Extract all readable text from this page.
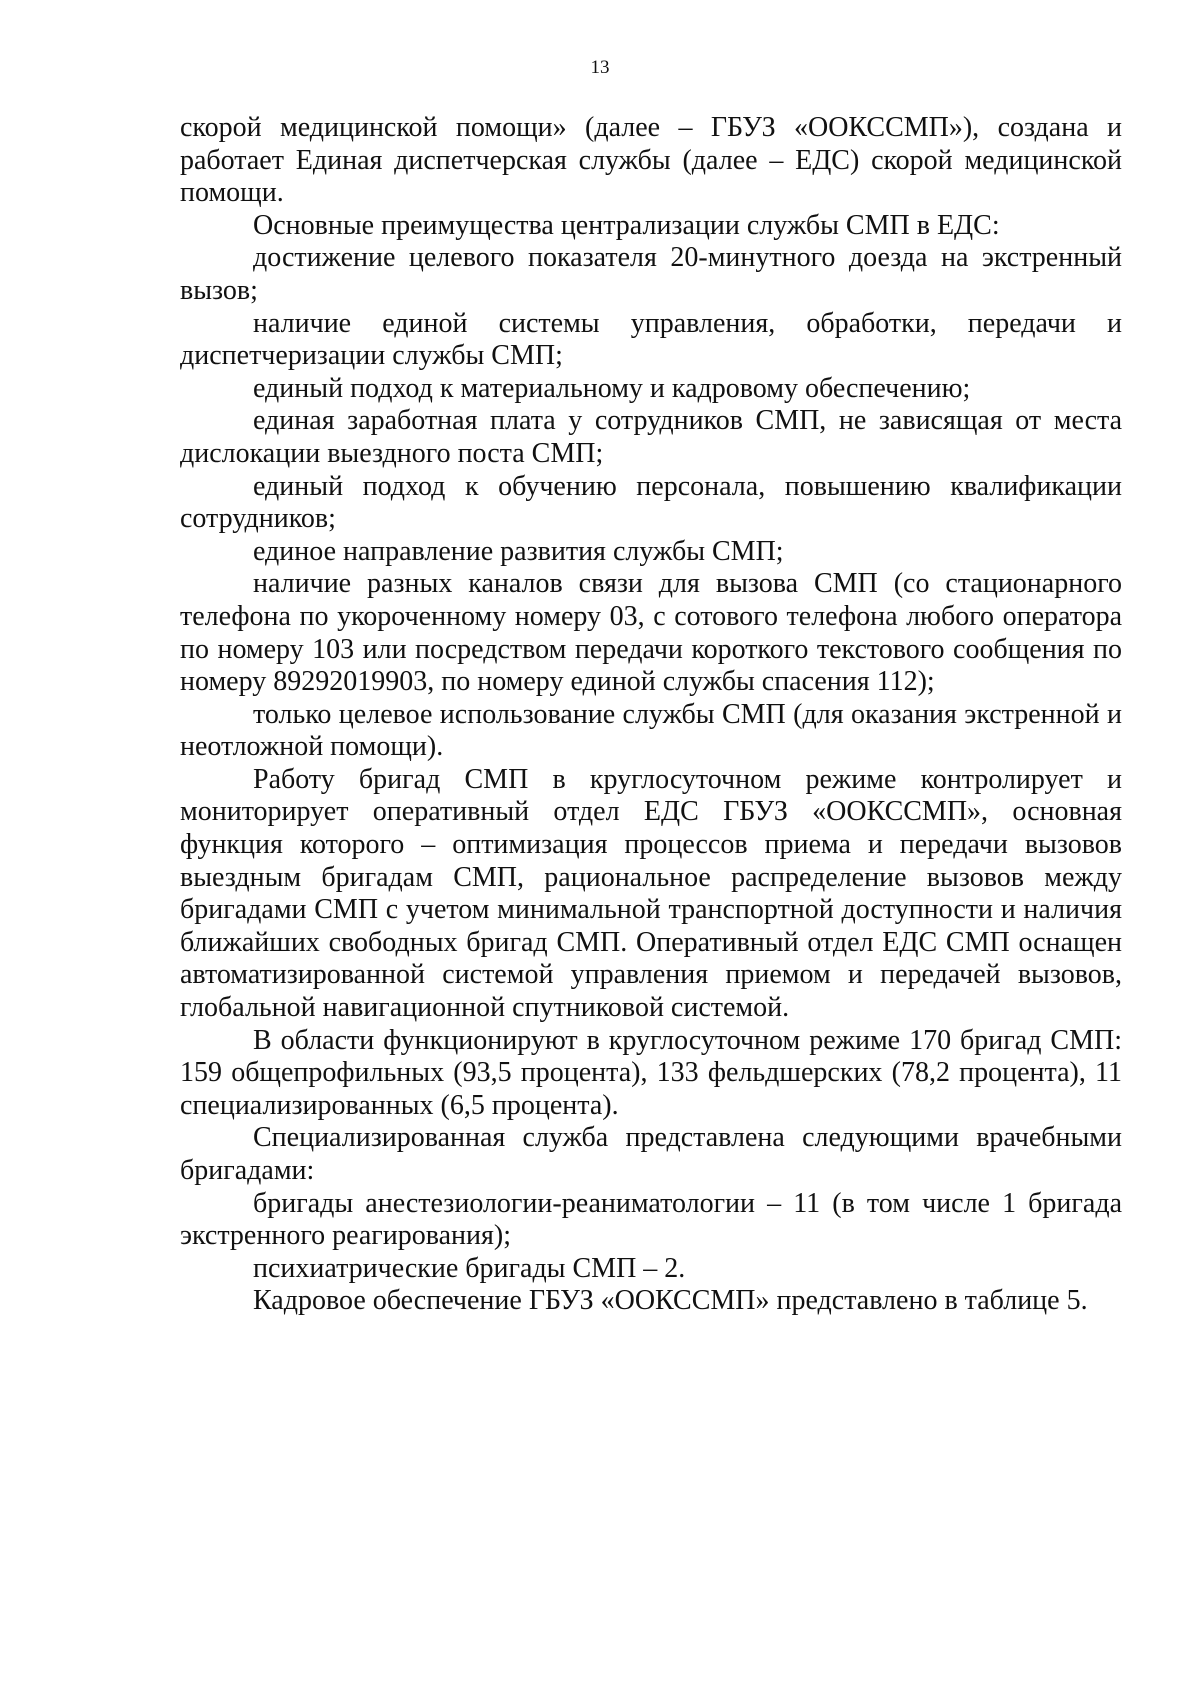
13

скорой медицинской помощи» (далее – ГБУЗ «ООКССМП»), создана и работает Единая диспетчерская службы (далее – ЕДС) скорой медицинской помощи.

Основные преимущества централизации службы СМП в ЕДС:

достижение целевого показателя 20-минутного доезда на экстренный вызов;

наличие единой системы управления, обработки, передачи и диспетчеризации службы СМП;

единый подход к материальному и кадровому обеспечению;

единая заработная плата у сотрудников СМП, не зависящая от места дислокации выездного поста СМП;

единый подход к обучению персонала, повышению квалификации сотрудников;

единое направление развития службы СМП;

наличие разных каналов связи для вызова СМП (со стационарного телефона по укороченному номеру 03, с сотового телефона любого оператора по номеру 103 или посредством передачи короткого текстового сообщения по номеру 89292019903, по номеру единой службы спасения 112);

только целевое использование службы СМП (для оказания экстренной и неотложной помощи).

Работу бригад СМП в круглосуточном режиме контролирует и мониторирует оперативный отдел ЕДС ГБУЗ «ООКССМП», основная функция которого – оптимизация процессов приема и передачи вызовов выездным бригадам СМП, рациональное распределение вызовов между бригадами СМП с учетом минимальной транспортной доступности и наличия ближайших свободных бригад СМП. Оперативный отдел ЕДС СМП оснащен автоматизированной системой управления приемом и передачей вызовов, глобальной навигационной спутниковой системой.

В области функционируют в круглосуточном режиме 170 бригад СМП: 159 общепрофильных (93,5 процента), 133 фельдшерских (78,2 процента), 11 специализированных (6,5 процента).

Специализированная служба представлена следующими врачебными бригадами:

бригады анестезиологии-реаниматологии – 11 (в том числе 1 бригада экстренного реагирования);

психиатрические бригады СМП – 2.

Кадровое обеспечение ГБУЗ «ООКССМП» представлено в таблице 5.
